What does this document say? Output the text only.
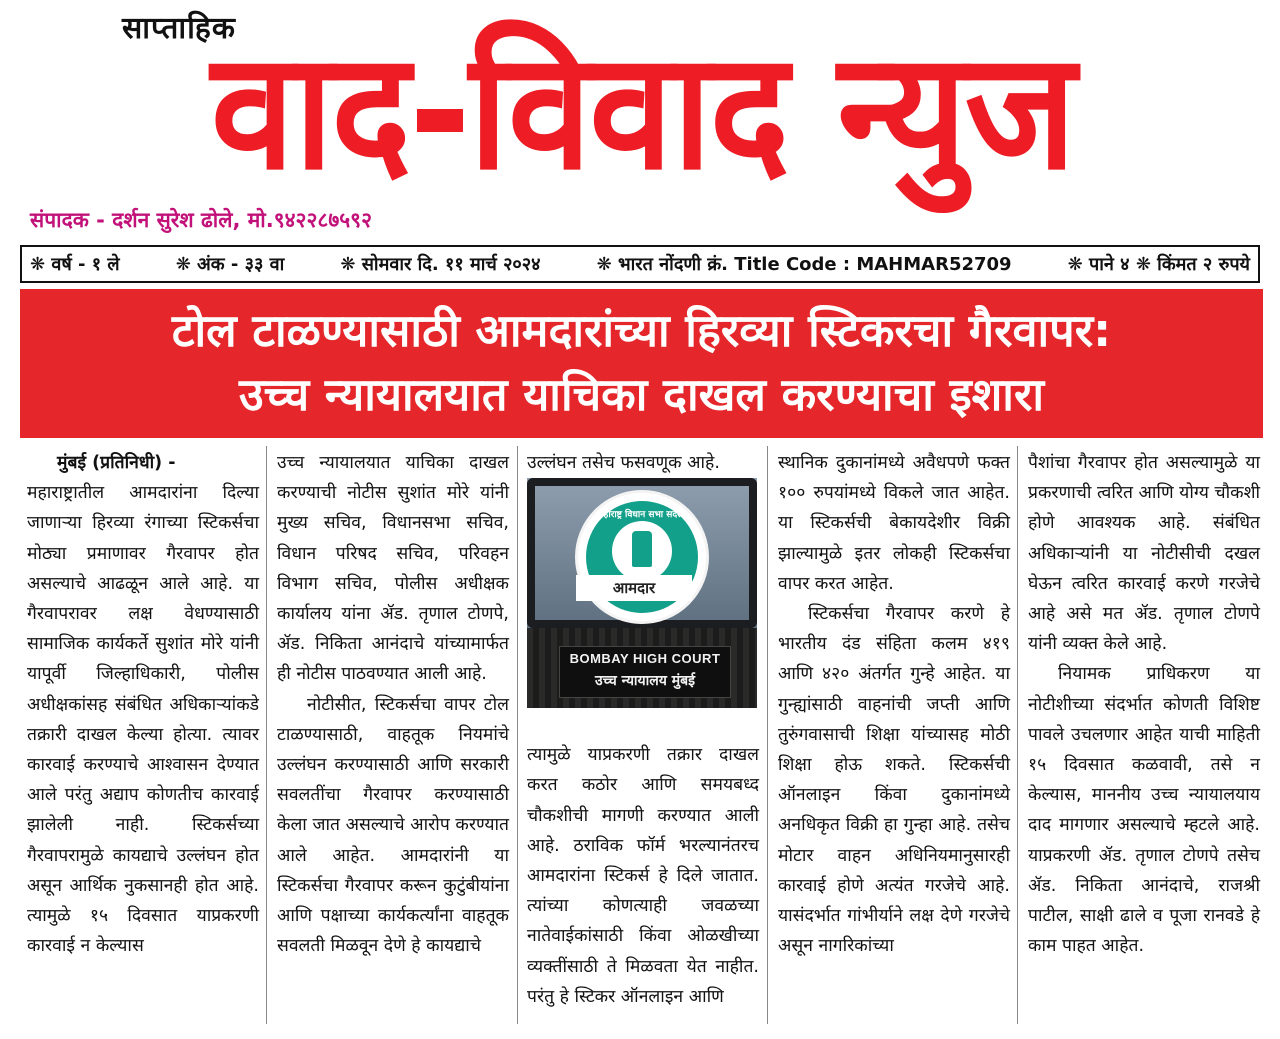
साप्ताहिक
वाद-विवाद न्युज
संपादक - दर्शन सुरेश ढोले, मो.९४२२८७५९२
❋ वर्ष - १ ले	❋ अंक - ३३ वा	❋ सोमवार दि. ११ मार्च २०२४	❋ भारत नोंदणी क्रं. Title Code : MAHMAR52709	❋ पाने ४ ❋ किंमत २ रुपये
टोल टाळण्यासाठी आमदारांच्या हिरव्या स्टिकरचा गैरवापर:
उच्च न्यायालयात याचिका दाखल करण्याचा इशारा

मुंबई (प्रतिनिधी) -

महाराष्ट्रातील आमदारांना दिल्या जाणाऱ्या हिरव्या रंगाच्या स्टिकर्सचा मोठ्या प्रमाणावर गैरवापर होत असल्याचे आढळून आले आहे. या गैरवापरावर लक्ष वेधण्यासाठी सामाजिक कार्यकर्ते सुशांत मोरे यांनी यापूर्वी जिल्हाधिकारी, पोलीस अधीक्षकांसह संबंधित अधिकाऱ्यांकडे तक्रारी दाखल केल्या होत्या. त्यावर कारवाई करण्याचे आश्वासन देण्यात आले परंतु अद्याप कोणतीच कारवाई झालेली नाही. स्टिकर्सच्या गैरवापरामुळे कायद्याचे उल्लंघन होत असून आर्थिक नुकसानही होत आहे. त्यामुळे १५ दिवसात याप्रकरणी कारवाई न केल्यास

उच्च न्यायालयात याचिका दाखल करण्याची नोटीस सुशांत मोरे यांनी मुख्य सचिव, विधानसभा सचिव, विधान परिषद सचिव, परिवहन विभाग सचिव, पोलीस अधीक्षक कार्यालय यांना ॲड. तृणाल टोणपे, ॲड. निकिता आनंदाचे यांच्यामार्फत ही नोटीस पाठवण्यात आली आहे.

नोटीसीत, स्टिकर्सचा वापर टोल टाळण्यासाठी, वाहतूक नियमांचे उल्लंघन करण्यासाठी आणि सरकारी सवलतींचा गैरवापर करण्यासाठी केला जात असल्याचे आरोप करण्यात आले आहेत. आमदारांनी या स्टिकर्सचा गैरवापर करून कुटुंबीयांना आणि पक्षाच्या कार्यकर्त्यांना वाहतूक सवलती मिळवून देणे हे कायद्याचे

उल्लंघन तसेच फसवणूक आहे.

त्यामुळे याप्रकरणी तक्रार दाखल करत कठोर आणि समयबध्द चौकशीची मागणी करण्यात आली आहे. ठराविक फॉर्म भरल्यानंतरच आमदारांना स्टिकर्स हे दिले जातात. त्यांच्या कोणत्याही जवळच्या नातेवाईकांसाठी किंवा ओळखीच्या व्यक्तींसाठी ते मिळवता येत नाहीत. परंतु हे स्टिकर ऑनलाइन आणि

महाराष्ट्र विधान सभा सदस्य
आमदार
BOMBAY HIGH COURT
उच्च न्यायालय मुंबई

स्थानिक दुकानांमध्ये अवैधपणे फक्त १०० रुपयांमध्ये विकले जात आहेत. या स्टिकर्सची बेकायदेशीर विक्री झाल्यामुळे इतर लोकही स्टिकर्सचा वापर करत आहेत.

स्टिकर्सचा गैरवापर करणे हे भारतीय दंड संहिता कलम ४१९ आणि ४२० अंतर्गत गुन्हे आहेत. या गुन्ह्यांसाठी वाहनांची जप्ती आणि तुरुंगवासाची शिक्षा यांच्यासह मोठी शिक्षा होऊ शकते. स्टिकर्सची ऑनलाइन किंवा दुकानांमध्ये अनधिकृत विक्री हा गुन्हा आहे. तसेच मोटार वाहन अधिनियमानुसारही कारवाई होणे अत्यंत गरजेचे आहे. यासंदर्भात गांभीर्याने लक्ष देणे गरजेचे असून नागरिकांच्या

पैशांचा गैरवापर होत असल्यामुळे या प्रकरणाची त्वरित आणि योग्य चौकशी होणे आवश्यक आहे. संबंधित अधिकाऱ्यांनी या नोटीसीची दखल घेऊन त्वरित कारवाई करणे गरजेचे आहे असे मत ॲड. तृणाल टोणपे यांनी व्यक्त केले आहे.

नियामक प्राधिकरण या नोटीशीच्या संदर्भात कोणती विशिष्ट पावले उचलणार आहेत याची माहिती १५ दिवसात कळवावी, तसे न केल्यास, माननीय उच्च न्यायालयाय दाद मागणार असल्याचे म्हटले आहे. याप्रकरणी ॲड. तृणाल टोणपे तसेच ॲड. निकिता आनंदाचे, राजश्री पाटील, साक्षी ढाले व पूजा रानवडे हे काम पाहत आहेत.
